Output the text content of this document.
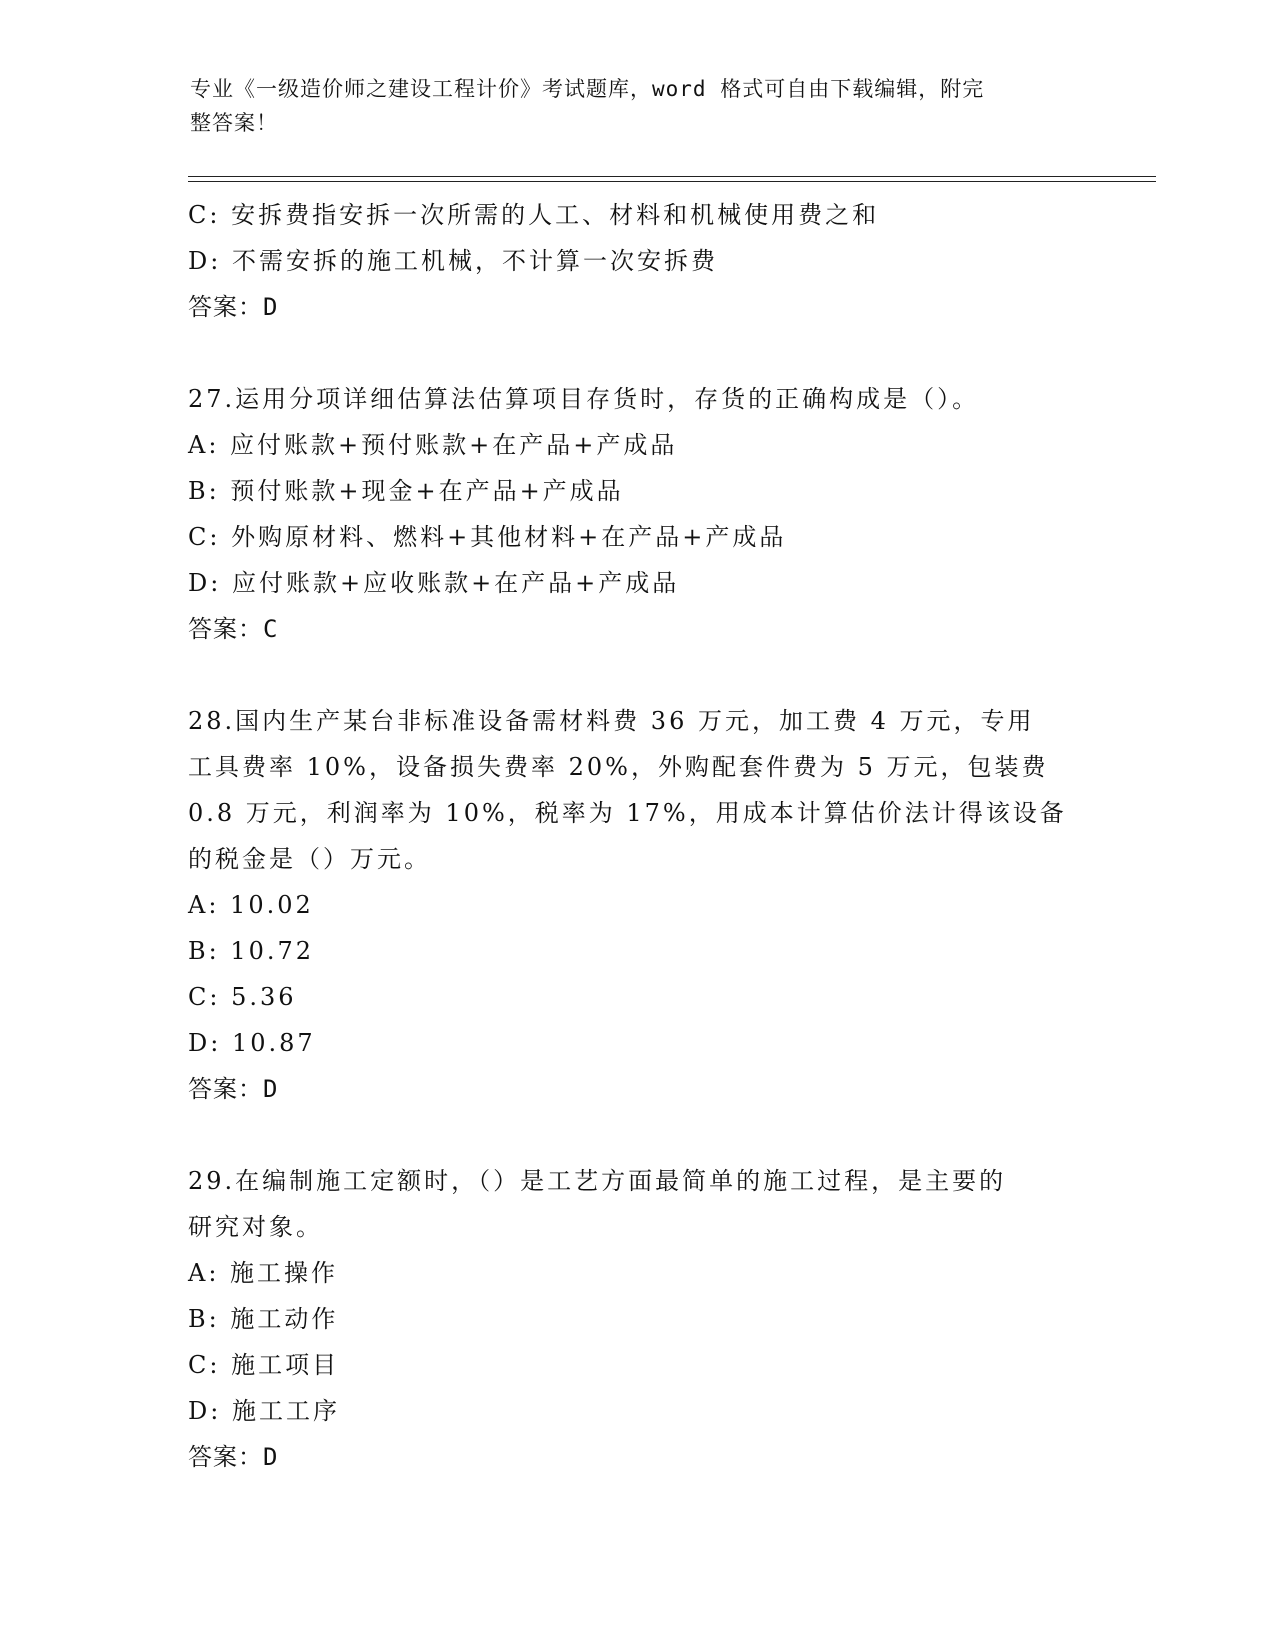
专业《一级造价师之建设工程计价》考试题库，word 格式可自由下载编辑，附完
整答案！
C: 安拆费指安拆一次所需的人工、材料和机械使用费之和
D: 不需安拆的施工机械，不计算一次安拆费
答案：D
27.运用分项详细估算法估算项目存货时，存货的正确构成是（）。
A: 应付账款+预付账款+在产品+产成品
B: 预付账款+现金+在产品+产成品
C: 外购原材料、燃料+其他材料+在产品+产成品
D: 应付账款+应收账款+在产品+产成品
答案：C
28.国内生产某台非标准设备需材料费 36 万元，加工费 4 万元，专用
工具费率 10%，设备损失费率 20%，外购配套件费为 5 万元，包装费
0.8 万元，利润率为 10%，税率为 17%，用成本计算估价法计得该设备
的税金是（）万元。
A: 10.02
B: 10.72
C: 5.36
D: 10.87
答案：D
29.在编制施工定额时，（）是工艺方面最简单的施工过程，是主要的
研究对象。
A: 施工操作
B: 施工动作
C: 施工项目
D: 施工工序
答案：D
